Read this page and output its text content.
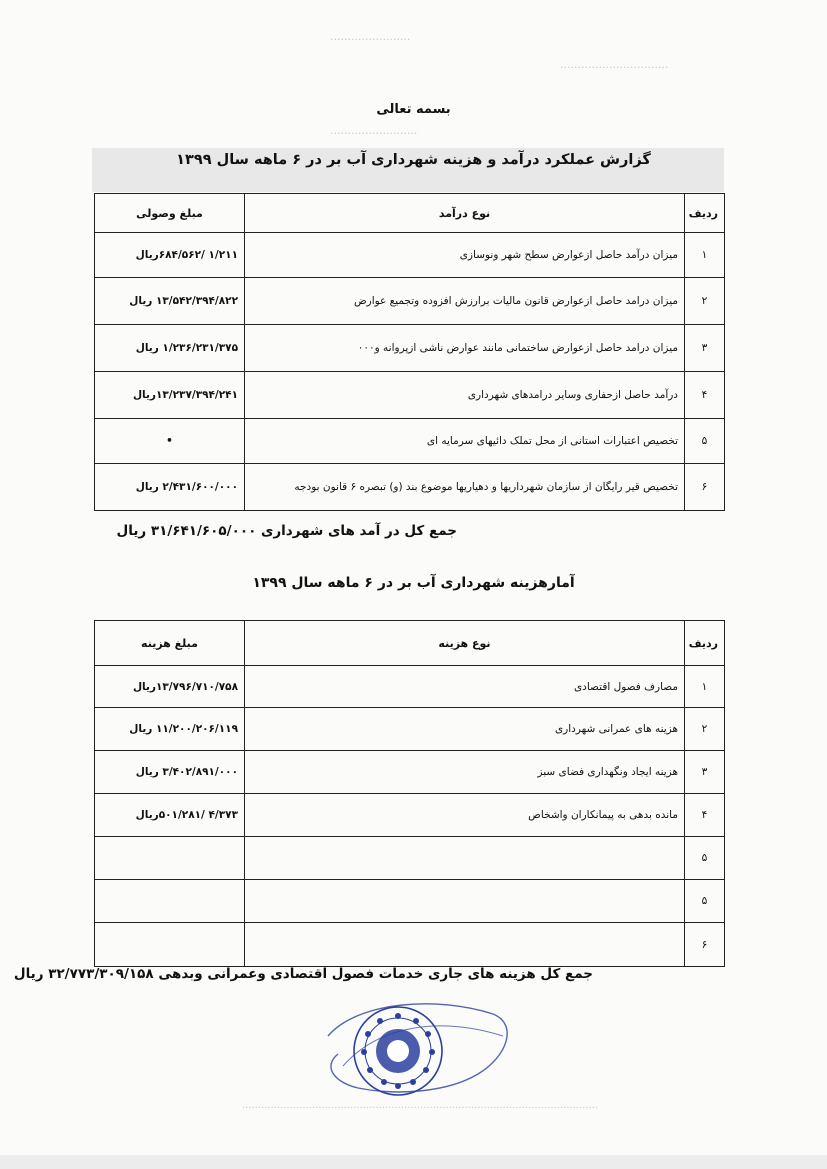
.......................
...............................
.........................
بسمه تعالی
گزارش عملکرد درآمد و هزینه شهرداری آب بر در ۶ ماهه سال ۱۳۹۹
ردیف	نوع درآمد	مبلغ وصولی
۱	میزان درآمد حاصل ازعوارض سطح شهر ونوسازی	۱/۲۱۱ /۶۸۴/۵۶۲ریال
۲	میزان درامد حاصل ازعوارض قانون مالیات برارزش افزوده وتجمیع عوارض	۱۳/۵۴۲/۳۹۴/۸۲۲ ریال
۳	میزان درامد حاصل ازعوارض ساختمانی مانند عوارض ناشی ازپروانه و۰۰۰	۱/۲۳۶/۲۳۱/۳۷۵ ریال
۴	درآمد حاصل ازحفاری وسایر درامدهای شهرداری	۱۳/۲۳۷/۳۹۴/۲۴۱ریال
۵	تخصیص اعتبارات استانی از محل تملک دائیهای سرمایه ای	•
۶	تخصیص قیر رایگان از سازمان شهرداریها و دهیاریها موضوع بند (و) تبصره ۶ قانون بودجه	۲/۴۳۱/۶۰۰/۰۰۰ ریال
جمع کل در آمد های شهرداری ۳۱/۶۴۱/۶۰۵/۰۰۰ ریال
آمارهزینه شهرداری آب بر در ۶ ماهه سال ۱۳۹۹
ردیف	نوع هزینه	مبلغ هزینه
۱	مصارف فصول اقتصادی	۱۳/۷۹۶/۷۱۰/۷۵۸ریال
۲	هزینه های عمرانی شهرداری	۱۱/۲۰۰/۲۰۶/۱۱۹ ریال
۳	هزینه ایجاد ونگهداری فضای سبز	۳/۴۰۲/۸۹۱/۰۰۰ ریال
۴	مانده بدهی به پیمانکاران واشخاص	۴/۳۷۳ /۵۰۱/۲۸۱ریال
۵		
۵		
۶		
جمع کل هزینه های جاری خدمات فصول اقتصادی وعمرانی وبدهی ۳۲/۷۷۳/۳۰۹/۱۵۸ ریال
................................................................................................................
